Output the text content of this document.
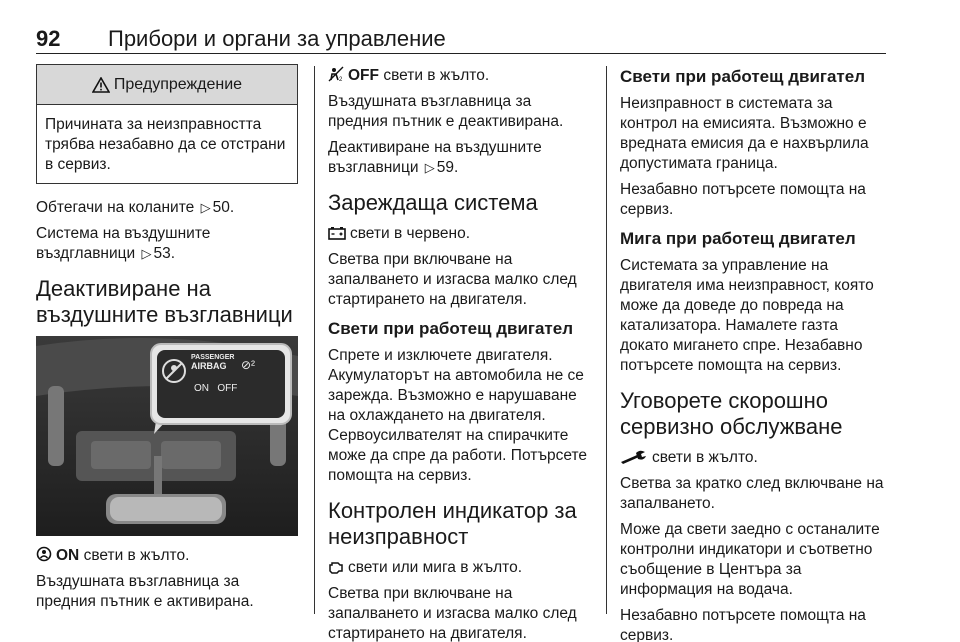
92 Прибори и органи за управление
Предупреждение
Причината за неизправността трябва незабавно да се отстрани в сервиз.

Обтегачи на коланите ▷ 50.

Система на въздушните въздглавници ▷ 53.

Деактивиране на въздушните възглавници
PASSENGER
AIRBAG	⊘²
ON OFF

ON свети в жълто.

Въздушната възглавница за предния пътник е активирана.

2 OFF свети в жълто.

Въздушната възглавница за предния пътник е деактивирана.

Деактивиране на въздушните възглавници ▷ 59.

Зареждаща система

свети в червено.

Светва при включване на запалването и изгасва малко след стартирането на двигателя.

Свети при работещ двигател

Спрете и изключете двигателя. Акумулаторът на автомобила не се зарежда. Възможно е нарушаване на охлаждането на двигателя. Сервоусилвателят на спирачките може да спре да работи. Потърсете помощта на сервиз.

Контролен индикатор за неизправност

свети или мига в жълто.

Светва при включване на запалването и изгасва малко след стартирането на двигателя.

Свети при работещ двигател

Неизправност в системата за контрол на емисията. Възможно е вредната емисия да е нахвърлила допустимата граница.

Незабавно потърсете помощта на сервиз.

Мига при работещ двигател

Системата за управление на двигателя има неизправност, която може да доведе до повреда на катализатора. Намалете газта докато мигането спре. Незабавно потърсете помощта на сервиз.

Уговорете скорошно сервизно обслужване

свети в жълто.

Светва за кратко след включване на запалването.

Може да свети заедно с останалите контролни индикатори и съответно съобщение в Центъра за информация на водача.

Незабавно потърсете помощта на сервиз.
